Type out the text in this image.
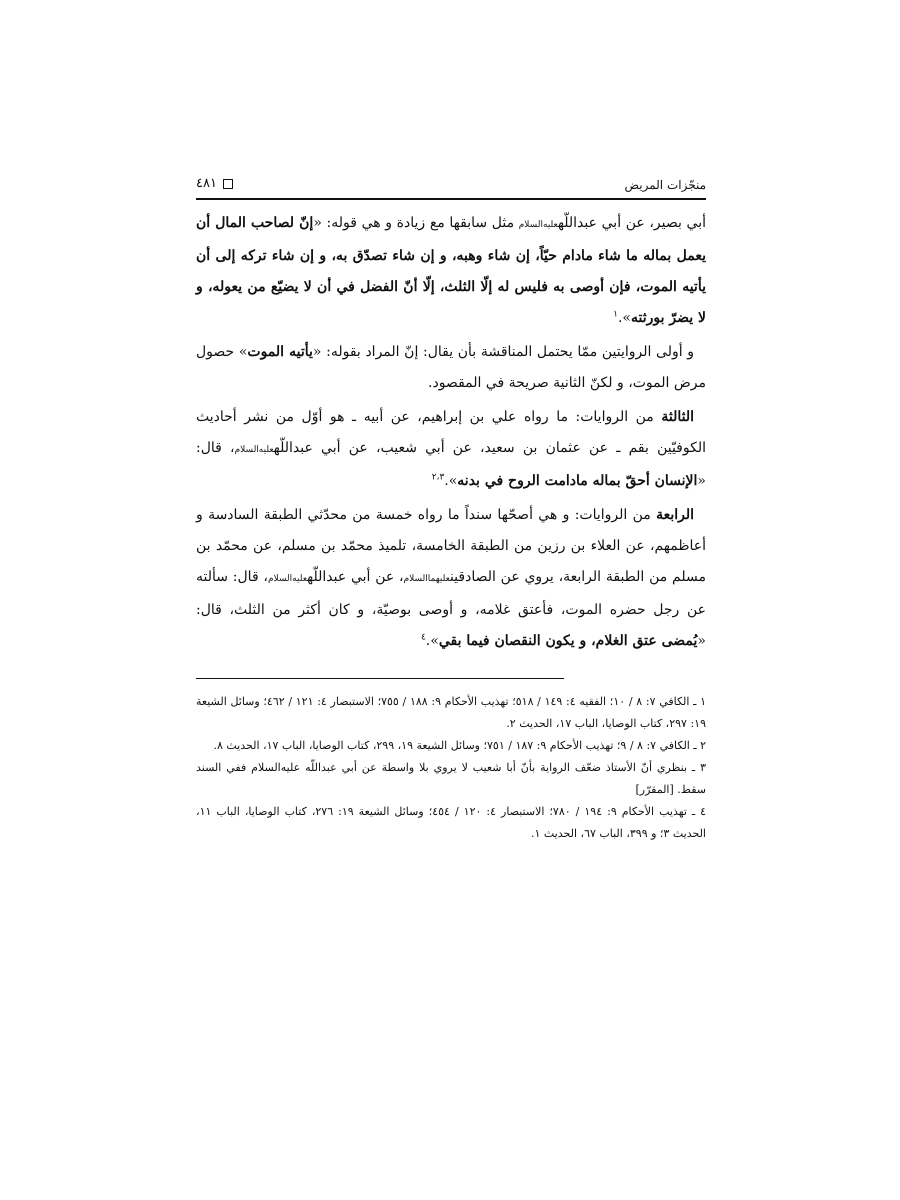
منجّزات المريض
٤٨١

أبي بصير، عن أبي عبداللّهعليه‌السلام مثل سابقها مع زيادة و هي قوله: «إنّ لصاحب المال أن يعمل بماله ما شاء مادام حيّاً، إن شاء وهبه، و إن شاء تصدّق به، و إن شاء تركه إلى أن يأتيه الموت، فإن أوصى به فليس له إلّا الثلث، إلّا أنّ الفضل في أن لا يضيّع من يعوله، و لا يضرّ بورثته».$^١$

و أولى الروايتين ممّا يحتمل المناقشة بأن يقال: إنّ المراد بقوله: «يأتيه الموت» حصول مرض الموت، و لكنّ الثانية صريحة في المقصود.

الثالثة من الروايات: ما رواه علي بن إبراهيم، عن أبيه ـ هو أوّل من نشر أحاديث الكوفيّين بقم ـ عن عثمان بن سعيد، عن أبي شعيب، عن أبي عبداللّهعليه‌السلام، قال: «الإنسان أحقّ بماله مادامت الروح في بدنه».$^{٢،٣}$

الرابعة من الروايات: و هي أصحّها سنداً ما رواه خمسة من محدّثي الطبقة السادسة و أعاظمهم، عن العلاء بن رزين من الطبقة الخامسة، تلميذ محمّد بن مسلم، عن محمّد بن مسلم من الطبقة الرابعة، يروي عن الصادقينعليهماالسلام، عن أبي عبداللّهعليه‌السلام، قال: سألته عن رجل حضره الموت، فأعتق غلامه، و أوصى بوصيّة، و كان أكثر من الثلث، قال: «يُمضى عتق الغلام، و يكون النقصان فيما بقي».$^٤$

١ ـ الكافي ٧: ٨ / ١٠؛ الفقيه ٤: ١٤٩ / ٥١٨؛ تهذيب الأحكام ٩: ١٨٨ / ٧٥٥؛ الاستبصار ٤: ١٢١ / ٤٦٢؛ وسائل الشيعة ١٩: ٢٩٧، كتاب الوصايا، الباب ١٧، الحديث ٢.

٢ ـ الكافي ٧: ٨ / ٩؛ تهذيب الأحكام ٩: ١٨٧ / ٧٥١؛ وسائل الشيعة ١٩، ٢٩٩، كتاب الوصايا، الباب ١٧، الحديث ٨.

٣ ـ بنظري أنّ الأستاذ ضعّف الرواية بأنّ أبا شعيب لا يروي بلا واسطة عن أبي عبداللّه عليه‌السلام ففي السند سقط. [المقرّر]

٤ ـ تهذيب الأحكام ٩: ١٩٤ / ٧٨٠؛ الاستبصار ٤: ١٢٠ / ٤٥٤؛ وسائل الشيعة ١٩: ٢٧٦، كتاب الوصايا، الباب ١١، الحديث ٣؛ و ٣٩٩، الباب ٦٧، الحديث ١.
